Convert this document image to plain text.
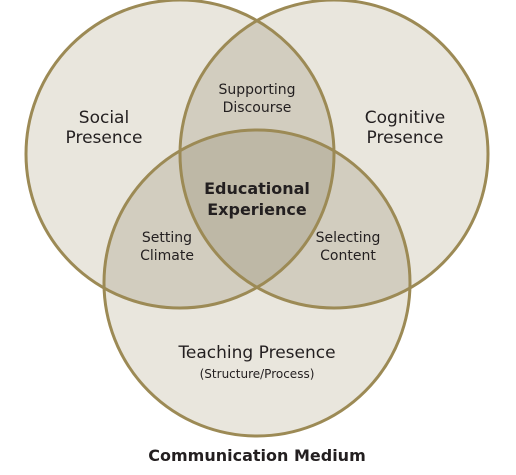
Social
Presence
Cognitive
Presence
Supporting
Discourse
Educational
Experience
Setting
Climate
Selecting
Content
Teaching Presence
(Structure/Process)
Communication Medium
